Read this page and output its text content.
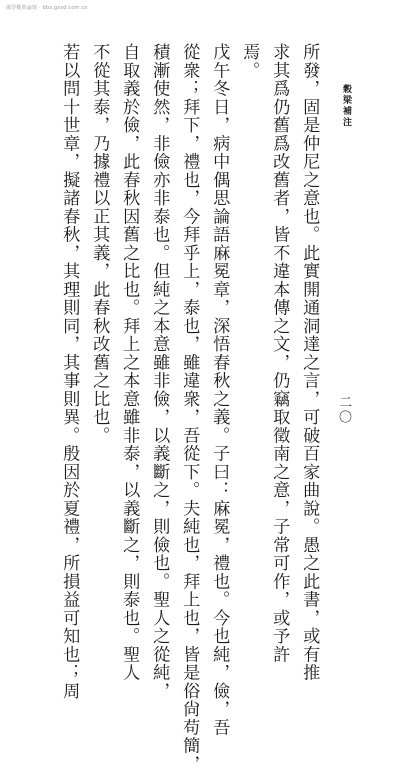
國學數典論壇 · bbs.gxsd.com.cn
穀梁補注
二〇
所發，固是仲尼之意也。此實開通洞達之言，可破百家曲說。愚之此書，或有推
求其爲仍舊爲改舊者，皆不違本傳之文，仍竊取徵南之意，子常可作，或予許
焉。
戊午冬日，病中偶思論語麻冕章，深悟春秋之義。子曰：麻冕，禮也。今也純，儉，吾
從衆；拜下，禮也，今拜乎上，泰也，雖違衆，吾從下。夫純也，拜上也，皆是俗尙苟簡，
積漸使然，非儉亦非泰也。但純之本意雖非儉，以義斷之，則儉也。聖人之從純，
自取義於儉，此春秋因舊之比也。拜上之本意雖非泰，以義斷之，則泰也。聖人
不從其泰，乃據禮以正其義，此春秋改舊之比也。
若以問十世章，擬諸春秋，其理則同，其事則異。殷因於夏禮，所損益可知也；周
